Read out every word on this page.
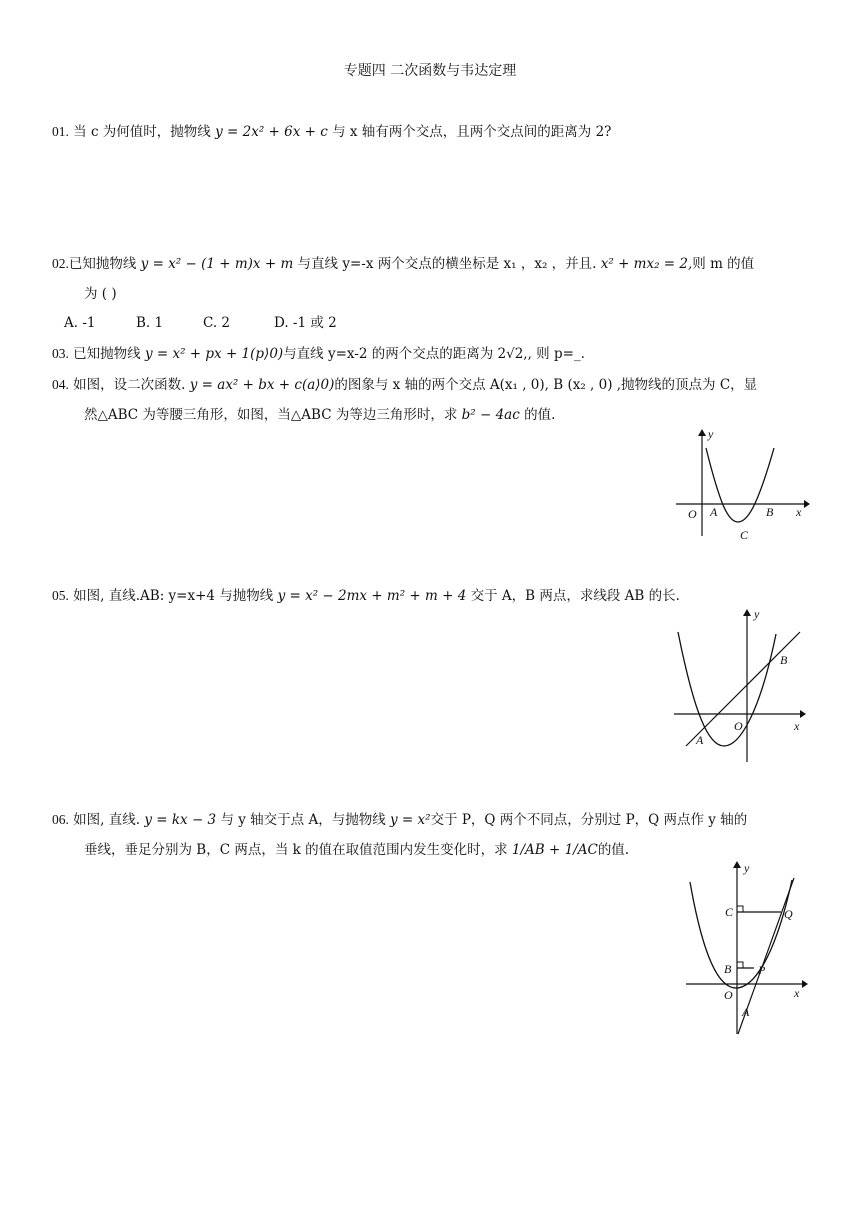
专题四 二次函数与韦达定理
01. 当 c 为何值时，抛物线 y = 2x² + 6x + c 与 x 轴有两个交点，且两个交点间的距离为 2?
02.已知抛物线 y = x² − (1 + m)x + m 与直线 y=-x 两个交点的横坐标是 x₁ ，x₂ ，并且. x² + mx₂ = 2,则 m 的值
为 ( )
A. -1	B. 1	C. 2	D. -1 或 2
03. 已知抛物线 y = x² + px + 1(p⟩0)与直线 y=x-2 的两个交点的距离为 2√2,, 则 p=_.
04. 如图，设二次函数. y = ax² + bx + c(a⟩0)的图象与 x 轴的两个交点 A(x₁ , 0), B (x₂ , 0) ,抛物线的顶点为 C，显
然△ABC 为等腰三角形，如图，当△ABC 为等边三角形时，求 b² − 4ac 的值.
y
x
O A	B
C
05. 如图, 直线.AB: y=x+4 与抛物线 y = x² − 2mx + m² + m + 4 交于 A，B 两点，求线段 AB 的长.
y
x
O
A
B
06. 如图, 直线. y = kx − 3 与 y 轴交于点 A，与抛物线 y = x²交于 P，Q 两个不同点，分别过 P，Q 两点作 y 轴的
垂线，垂足分别为 B，C 两点，当 k 的值在取值范围内发生变化时，求 1/AB + 1/AC的值.
y
x
O
A
B
C
P
Q
